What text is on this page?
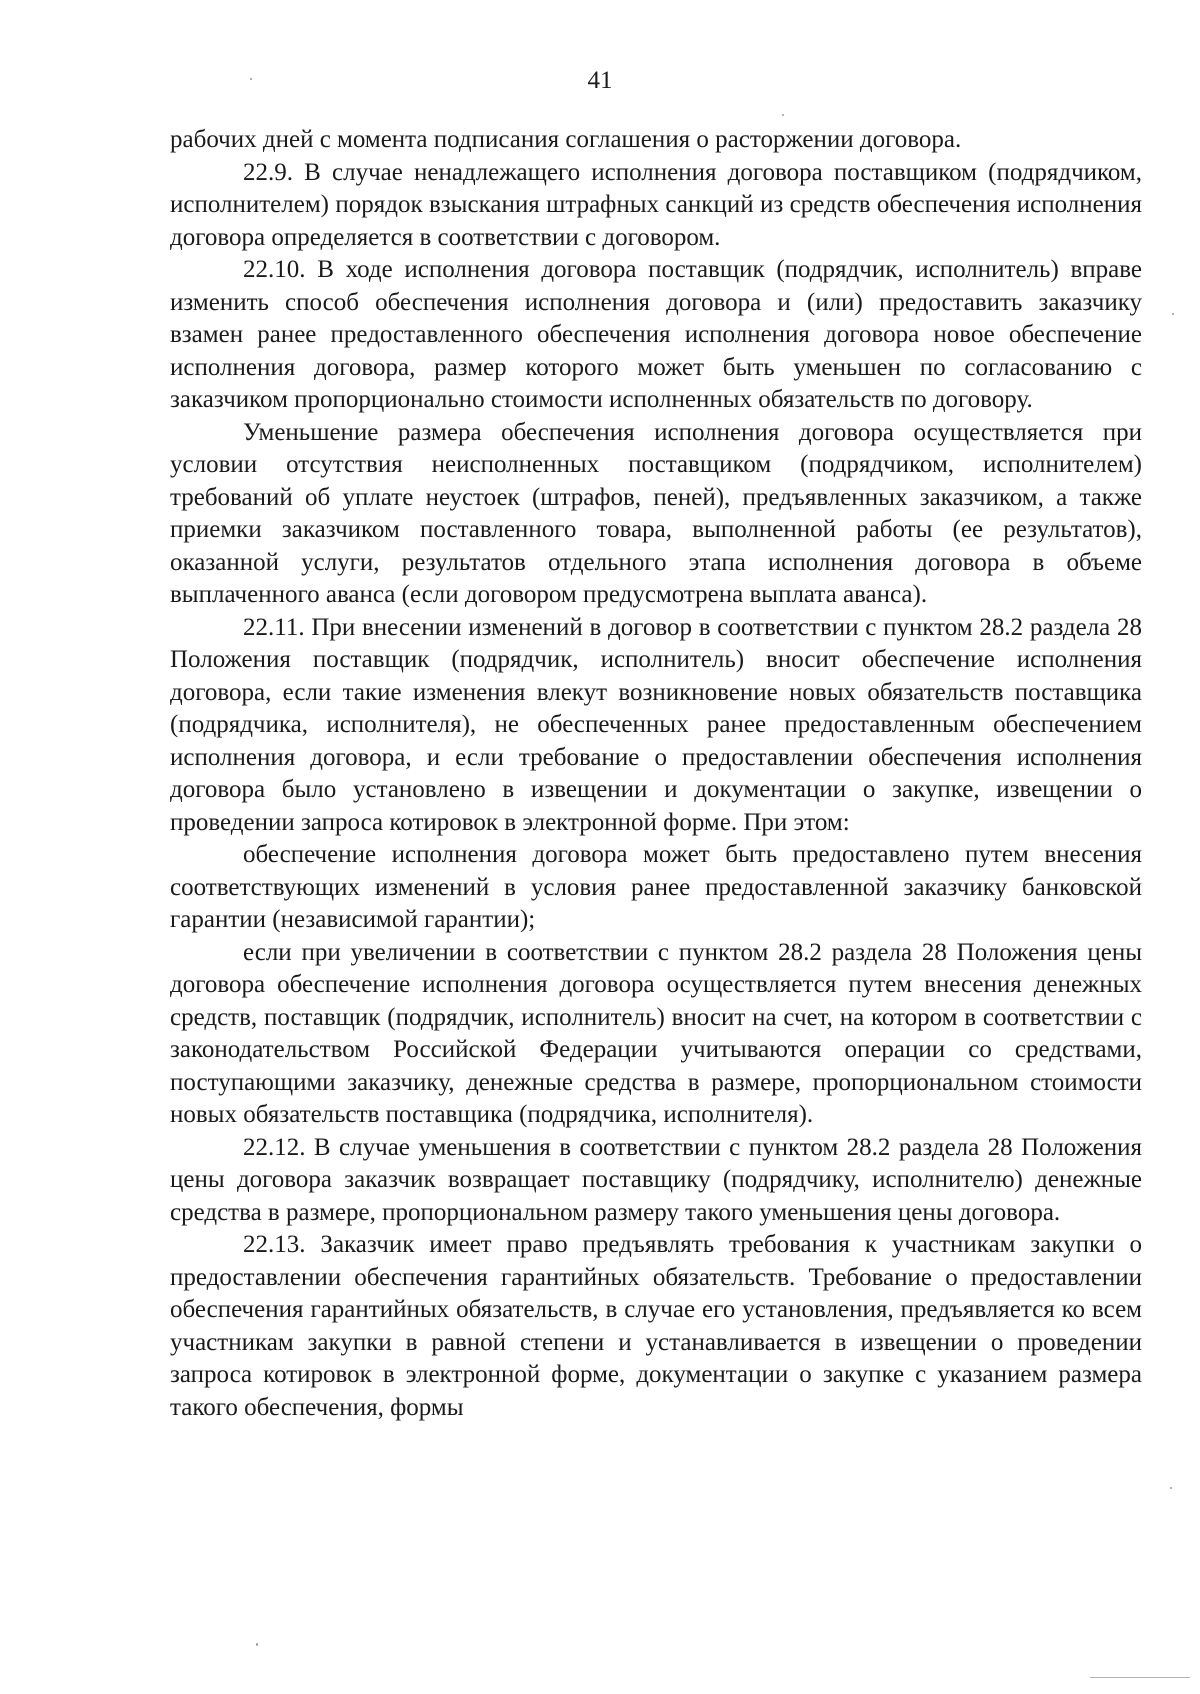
41

рабочих дней с момента подписания соглашения о расторжении договора.

22.9. В случае ненадлежащего исполнения договора поставщиком (подрядчиком, исполнителем) порядок взыскания штрафных санкций из средств обеспечения исполнения договора определяется в соответствии с договором.

22.10. В ходе исполнения договора поставщик (подрядчик, исполнитель) вправе изменить способ обеспечения исполнения договора и (или) предоставить заказчику взамен ранее предоставленного обеспечения исполнения договора новое обеспечение исполнения договора, размер которого может быть уменьшен по согласованию с заказчиком пропорционально стоимости исполненных обязательств по договору.

Уменьшение размера обеспечения исполнения договора осуществляется при условии отсутствия неисполненных поставщиком (подрядчиком, исполнителем) требований об уплате неустоек (штрафов, пеней), предъявленных заказчиком, а также приемки заказчиком поставленного товара, выполненной работы (ее результатов), оказанной услуги, результатов отдельного этапа исполнения договора в объеме выплаченного аванса (если договором предусмотрена выплата аванса).

22.11. При внесении изменений в договор в соответствии с пунктом 28.2 раздела 28 Положения поставщик (подрядчик, исполнитель) вносит обеспечение исполнения договора, если такие изменения влекут возникновение новых обязательств поставщика (подрядчика, исполнителя), не обеспеченных ранее предоставленным обеспечением исполнения договора, и если требование о предоставлении обеспечения исполнения договора было установлено в извещении и документации о закупке, извещении о проведении запроса котировок в электронной форме. При этом:

обеспечение исполнения договора может быть предоставлено путем внесения соответствующих изменений в условия ранее предоставленной заказчику банковской гарантии (независимой гарантии);

если при увеличении в соответствии с пунктом 28.2 раздела 28 Положения цены договора обеспечение исполнения договора осуществляется путем внесения денежных средств, поставщик (подрядчик, исполнитель) вносит на счет, на котором в соответствии с законодательством Российской Федерации учитываются операции со средствами, поступающими заказчику, денежные средства в размере, пропорциональном стоимости новых обязательств поставщика (подрядчика, исполнителя).

22.12. В случае уменьшения в соответствии с пунктом 28.2 раздела 28 Положения цены договора заказчик возвращает поставщику (подрядчику, исполнителю) денежные средства в размере, пропорциональном размеру такого уменьшения цены договора.

22.13. Заказчик имеет право предъявлять требования к участникам закупки о предоставлении обеспечения гарантийных обязательств. Требование о предоставлении обеспечения гарантийных обязательств, в случае его установления, предъявляется ко всем участникам закупки в равной степени и устанавливается в извещении о проведении запроса котировок в электронной форме, документации о закупке с указанием размера такого обеспечения, формы
